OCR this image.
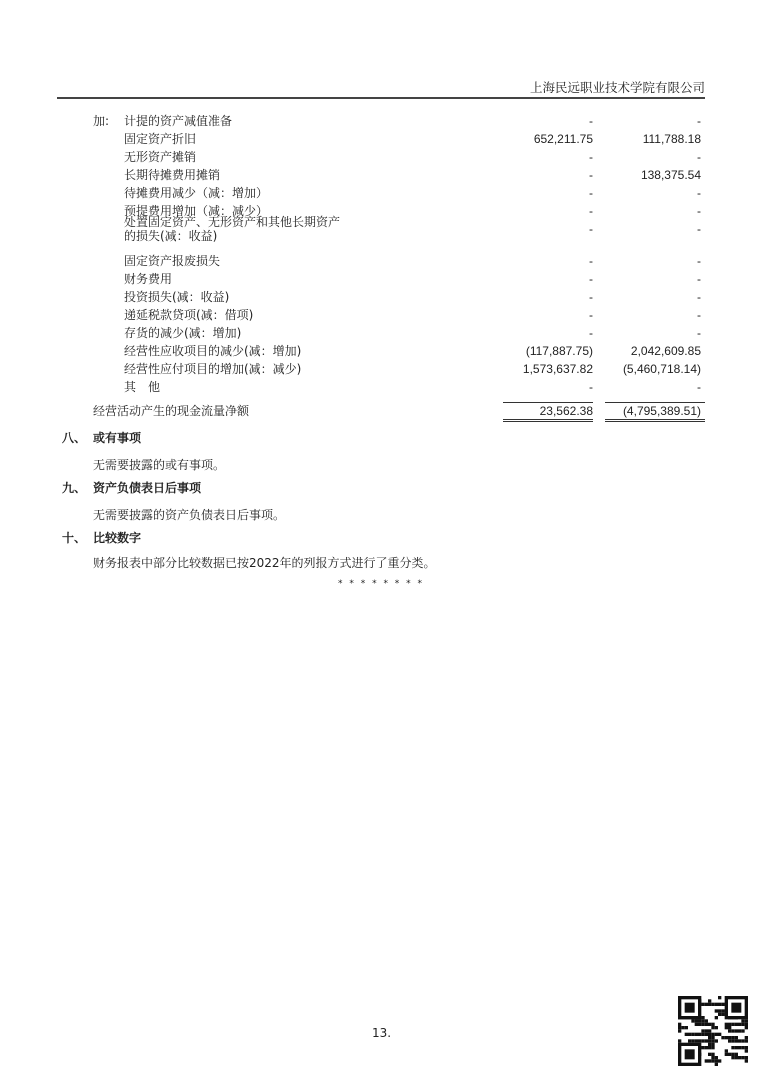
上海民远职业技术学院有限公司
加: 计提的资产减值准备	-	-
固定资产折旧	652,211.75	111,788.18
无形资产摊销	-	-
长期待摊费用摊销	-	138,375.54
待摊费用减少（减：增加）	-	-
预提费用增加（减：减少）	-	-
处置固定资产、无形资产和其他长期资产
的损失(减：收益)	-	-
固定资产报废损失	-	-
财务费用	-	-
投资损失(减：收益)	-	-
递延税款贷项(减：借项)	-	-
存货的减少(减：增加)	-	-
经营性应收项目的减少(减：增加)	(117,887.75)	2,042,609.85
经营性应付项目的增加(减：减少)	1,573,637.82	(5,460,718.14)
其　他	-	-
经营活动产生的现金流量净额	23,562.38	(4,795,389.51)
八、 或有事项
无需要披露的或有事项。
九、 资产负债表日后事项
无需要披露的资产负债表日后事项。
十、 比较数字
财务报表中部分比较数据已按2022年的列报方式进行了重分类。
* * * * * * * *
13.
